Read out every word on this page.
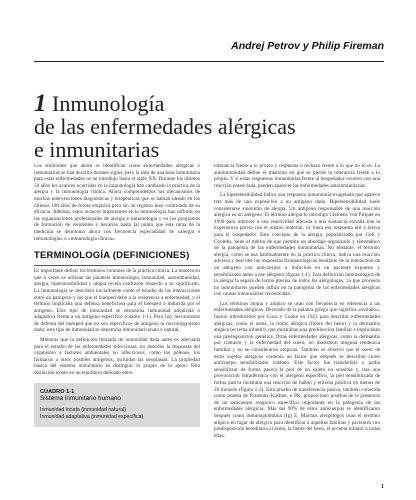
Andrej Petrov y Philip Fireman
1 Inmunología
de las enfermedades alérgicas
e inmunitarias

Los síndromes que ahora se identifican como enfermedades alérgicas o inmunitarias se han descrito durante siglos, pero la idea de una base inmunitaria para estas enfermedades no se introdujo hasta el siglo XX. Durante los últimos 50 años los avances ocurridos en la inmunología han cambiado la práctica de la alergia y la inmunología clínica. Ahora comprendemos los mecanismos de muchas intervenciones diagnósticas y terapéuticas que se habían ideado en los últimos 100 años de forma empírica pero sin un registro bien controlado de su eficacia. Además, estos avances importantes en la inmunología han influido en las organizaciones profesionales de alergia e inmunología y en los programas de formación de residentes y becarios hasta tal punto que esta rama de la medicina se denomina ahora con frecuencia especialidad de «alergia e inmunología» o «inmunología clínica».

TERMINOLOGÍA (DEFINICIONES)

Es importante definir los términos comunes de la práctica clínica. La manera en que a veces se utilizan las palabras inmunología, inmunidad, autoinmunidad, alergia, hipersensibilidad y atopia revela confusión respecto a su significado. La inmunología se describió inicialmente como el estudio de las interacciones entre un patógeno y las que el huésped debe a la resistencia a enfermedad, y el término implicaba una defensa beneficiosa para el huésped o inducida por el antígeno. Este tipo de inmunidad se denomina inmunidad adquirida o adaptativa frente a un antígeno específico (cuadro 1-1). Pero hay mecanismos de defensa del huésped que no son específicos de antígeno ni microorganismo dado; este tipo de inmunidad se denomina inmunidad innata o natural.

Mientras que la definición limitada de inmunidad dada antes es adecuada para el estudio de las enfermedades infecciosas, no describe la respuesta del organismo a factores ambientales no infecciosos, como los pólenes, los fármacos u otros posibles antígenos, incluidas las neoplasias. La propiedad básica del sistema inmunitario es distinguir lo propio de lo ajeno. Esta distinción existe en un equilibrio delicado entre

CUADRO 1-1
Sistema inmunitario humano
Inmunidad innata (inmunidad natural)
Inmunidad adaptativa (inmunidad específica)

tolerancia frente a lo propio y respuesta o rechazo frente a lo que no lo es. La autoinmunidad define el trastorno en que se pierde la tolerancia frente a lo propio. Y si estas respuestas inmunitarias frente al hospedador ocurren con una reacción potenciada, pueden aparecer las enfermedades autoinmunitarias.

La hipersensibilidad indica una respuesta inmunitaria exagerada que aparece tras más de una exposición a un antígeno dado. Hipersensibilidad suele considerarse sinónimo de alergia. Un antígeno responsable de una reacción alérgica es un alérgeno. El término alergia lo introdujo Clemens Von Pirquet en 1906 para referirse a una reactividad alterada a una sustancia extraña tras la experiencia previa con el mismo material, ya fuera esa respuesta útil o lesiva para el hospedador. Este concepto de la alergia, popularizado por Gell y Coombs, tiene el mérito de que permite un abordaje organizado y sistemático de la patogenia de las enfermedades inmunitarias. No obstante, el término alergia, como se usa habitualmente en la práctica clínica, indica una reacción adversa y describe las respuestas fisiopatológicas resultado de la interacción de un alérgeno con anticuerpos o linfocitos en un paciente expuesto y sensibilizado antes a ese alérgeno (figura 1-1). Esta definición inmunológica de la alergia la separa de forma precisa de todos los alergólogos, ya que procesos no inmunitarios pueden influir en la patogenia de las enfermedades alérgicas con causas inmunitarias reconocidas.

Los términos atopia y atópico se usan con frecuencia en referencia a las enfermedades alérgicas. Derivado de la palabra griega que significa «extraño», fueron introducidos por Coca y Cooke en 1923 para describir enfermedades alérgicas, como el asma, la rinitis alérgica (fiebre del heno) y la dermatitis atópica (eccema infantil), que mostraban una predilección familiar e implicaban una predisposición genética. Otras enfermedades alérgicas, como la dermatitis por contacto y la enfermedad del suero, no mostraron ninguna tendencia familiar y no se consideraron atópicas. También se observó que el suero de estos sujetos alérgicos contenía un factor que después se describió como anticuerpo sensibilizador cutáneo. Este factor fue transferible y podía sensibilizar de forma pasiva la piel de un sujeto no sensible y, tras una provocación intradérmica con el alérgeno específico, la piel sensibilizada de forma pasiva mostraba una reacción de habón y eritema positiva en menos de 20 minutos (figura 1-2). Esta prueba de transferencia pasiva, también conocida como prueba de Prausnitz-Küstner, o PK, proporcionó pruebas de la presencia de un anticuerpo reagínico específico importante en la patogenia de las enfermedades alérgicas. Más del 90% de estos anticuerpos se identificaron después como inmunoglobulina (Ig) E. Muchos alergólogos usan el término atópico en lugar de alérgico para identificar a aquellas familias y pacientes con predisposición hereditaria al asma, la fiebre del heno, el eccema infantil o todas ellas.

1
